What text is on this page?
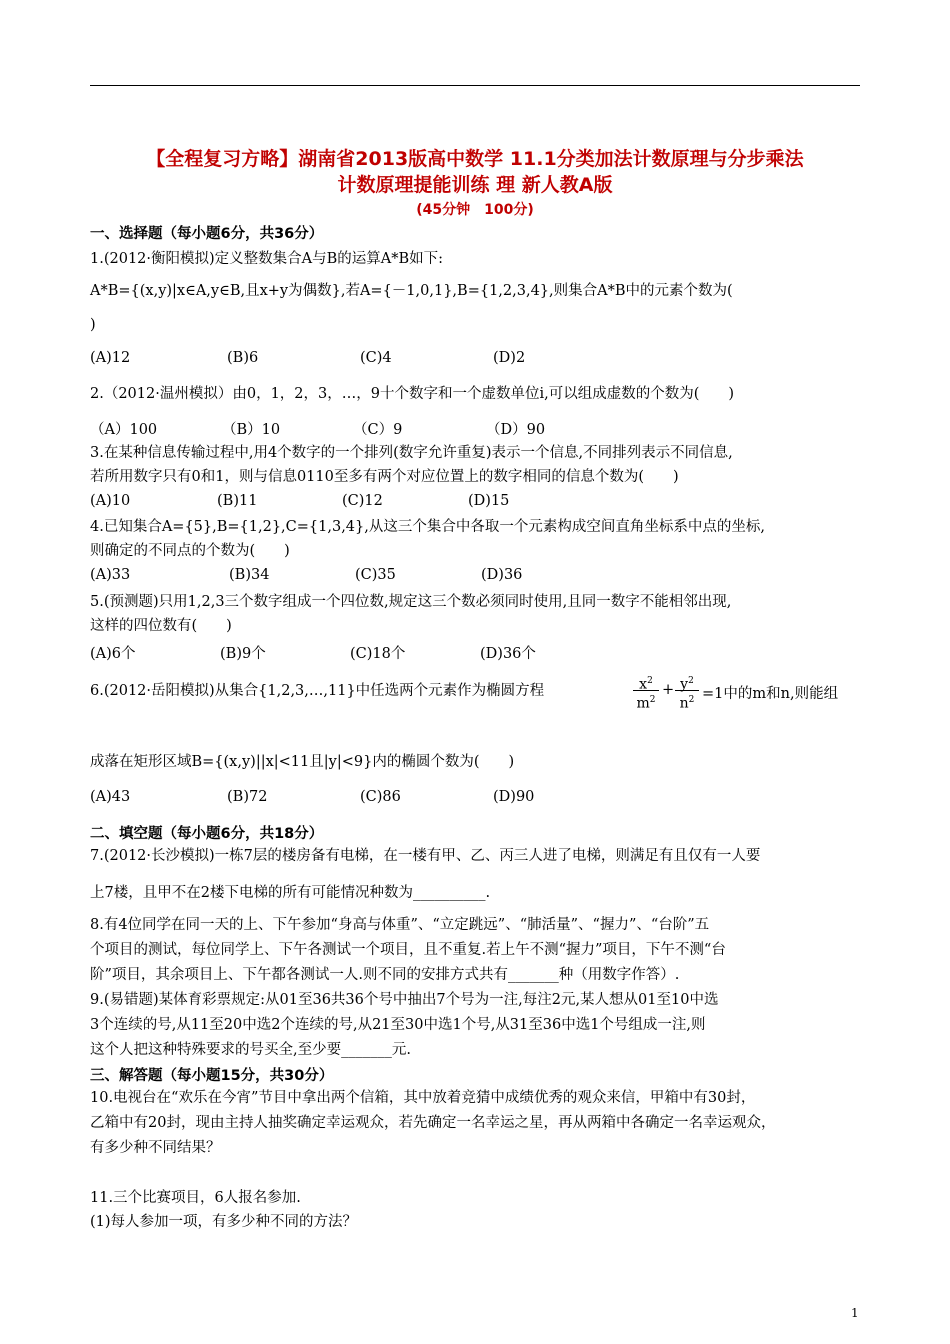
【全程复习方略】湖南省2013版高中数学 11.1分类加法计数原理与分步乘法
计数原理提能训练 理 新人教A版
(45分钟　100分)
一、选择题（每小题6分，共36分）
1.(2012·衡阳模拟)定义整数集合A与B的运算A*B如下:
A*B={(x,y)|x∈A,y∈B,且x+y为偶数},若A={－1,0,1},B={1,2,3,4},则集合A*B中的元素个数为(
)
(A)12	(B)6	(C)4	(D)2
2.（2012·温州模拟）由0，1，2，3，…，9十个数字和一个虚数单位i,可以组成虚数的个数为(　　)
（A）100	（B）10	（C）9	（D）90
3.在某种信息传输过程中,用4个数字的一个排列(数字允许重复)表示一个信息,不同排列表示不同信息,
若所用数字只有0和1，则与信息0110至多有两个对应位置上的数字相同的信息个数为(　　)
(A)10	(B)11	(C)12	(D)15
4.已知集合A={5},B={1,2},C={1,3,4},从这三个集合中各取一个元素构成空间直角坐标系中点的坐标,
则确定的不同点的个数为(　　)
(A)33	(B)34	(C)35	(D)36
5.(预测题)只用1,2,3三个数字组成一个四位数,规定这三个数必须同时使用,且同一数字不能相邻出现,
这样的四位数有(　　)
(A)6个	(B)9个	(C)18个	(D)36个
6.(2012·岳阳模拟)从集合{1,2,3,…,11}中任选两个元素作为椭圆方程	$x^2$
$m^2$
+ $y^2$
$n^2 =1$中的m和n,则能组
成落在矩形区域B={(x,y)||x|<11且|y|<9}内的椭圆个数为(　　)
(A)43	(B)72	(C)86	(D)90
二、填空题（每小题6分，共18分）
7.(2012·长沙模拟)一栋7层的楼房备有电梯，在一楼有甲、乙、丙三人进了电梯，则满足有且仅有一人要
上7楼，且甲不在2楼下电梯的所有可能情况种数为__________.
8.有4位同学在同一天的上、下午参加“身高与体重”、“立定跳远”、“肺活量”、“握力”、“台阶”五
个项目的测试，每位同学上、下午各测试一个项目，且不重复.若上午不测“握力”项目，下午不测“台
阶”项目，其余项目上、下午都各测试一人.则不同的安排方式共有_______种（用数字作答）.
9.(易错题)某体育彩票规定:从01至36共36个号中抽出7个号为一注,每注2元,某人想从01至10中选
3个连续的号,从11至20中选2个连续的号,从21至30中选1个号,从31至36中选1个号组成一注,则
这个人把这种特殊要求的号买全,至少要_______元.
三、解答题（每小题15分，共30分）
10.电视台在“欢乐在今宵”节目中拿出两个信箱，其中放着竞猜中成绩优秀的观众来信，甲箱中有30封，
乙箱中有20封，现由主持人抽奖确定幸运观众，若先确定一名幸运之星，再从两箱中各确定一名幸运观众，
有多少种不同结果？
11.三个比赛项目，6人报名参加.
(1)每人参加一项，有多少种不同的方法？
1
